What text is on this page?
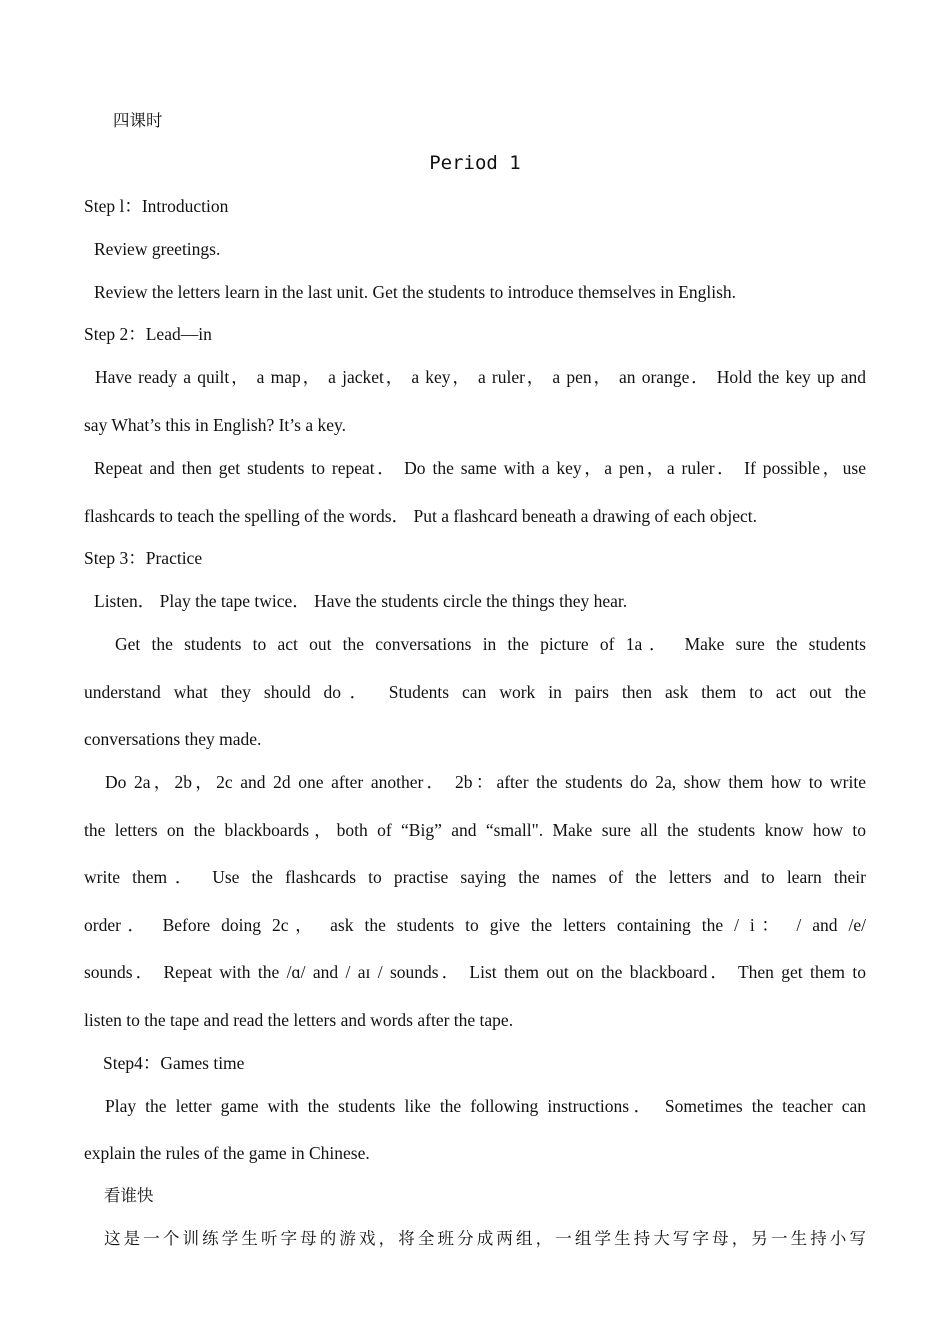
四课时
Period 1
Step l：Introduction
Review greetings.
Review the letters learn in the last unit. Get the students to introduce themselves in English.
Step 2：Lead—in
Have ready a quilt， a map， a jacket， a key， a ruler， a pen， an orange． Hold the key up and
say What’s this in English? It’s a key.
Repeat and then get students to repeat． Do the same with a key，a pen，a ruler． If possible，use
flashcards to teach the spelling of the words． Put a flashcard beneath a drawing of each object.
Step 3：Practice
Listen． Play the tape twice． Have the students circle the things they hear.
Get the students to act out the conversations in the picture of 1a． Make sure the students
understand what they should do． Students can work in pairs then ask them to act out the
conversations they made.
Do 2a，2b，2c and 2d one after another． 2b：after the students do 2a, show them how to write
the letters on the blackboards，both of “Big” and “small". Make sure all the students know how to
write them． Use the flashcards to practise saying the names of the letters and to learn their
order． Before doing 2c， ask the students to give the letters containing the / i： / and /e/
sounds． Repeat with the /ɑ/ and / aɪ / sounds． List them out on the blackboard． Then get them to
listen to the tape and read the letters and words after the tape.
Step4：Games time
Play the letter game with the students like the following instructions． Sometimes the teacher can
explain the rules of the game in Chinese.
看谁快
这是一个训练学生听字母的游戏，将全班分成两组，一组学生持大写字母，另一生持小写
